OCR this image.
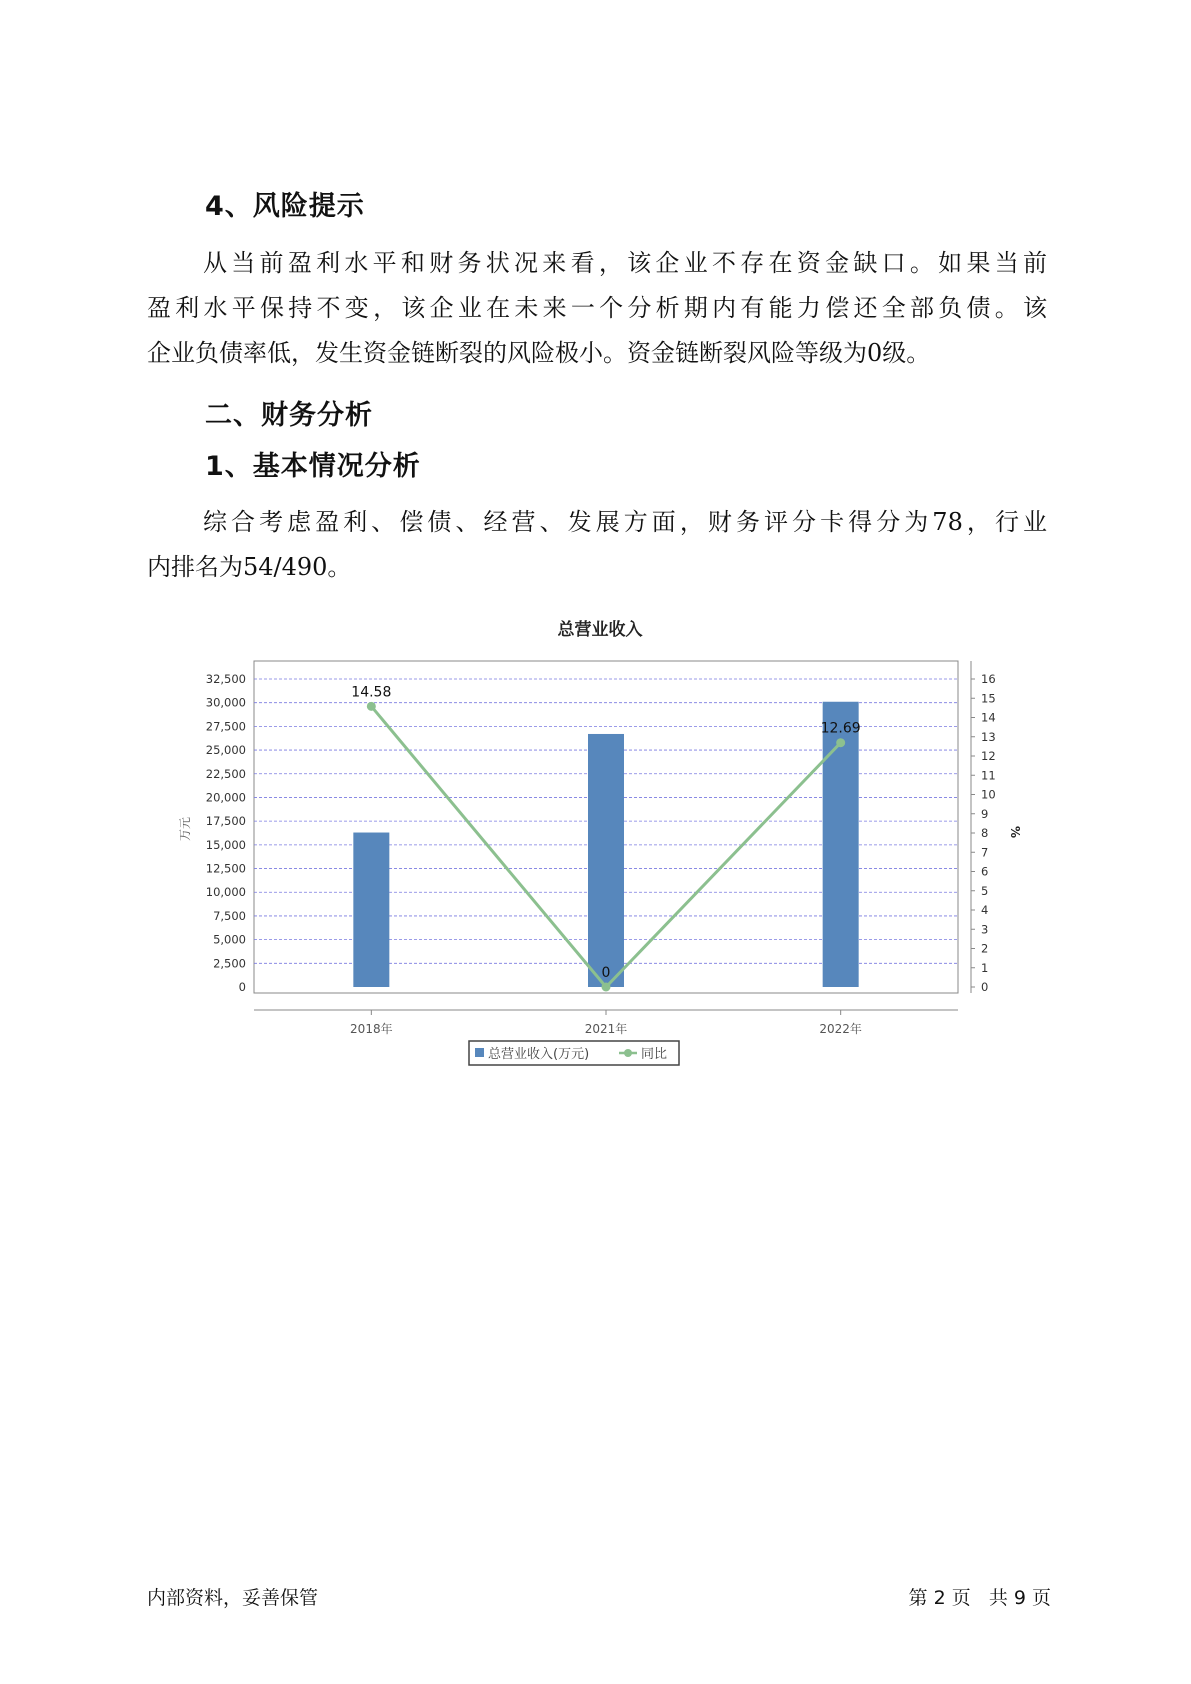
4、风险提示
从当前盈利水平和财务状况来看，该企业不存在资金缺口。如果当前
盈利水平保持不变，该企业在未来一个分析期内有能力偿还全部负债。该
企业负债率低，发生资金链断裂的风险极小。资金链断裂风险等级为0级。
二、财务分析
1、基本情况分析
综合考虑盈利、偿债、经营、发展方面，财务评分卡得分为78，行业
内排名为54/490。
总营业收入
0
2,500
5,000
7,500
10,000
12,500
15,000
17,500
20,000
22,500
25,000
27,500
30,000
32,500
0
1
2
3
4
5
6
7
8
9
10
11
12
13
14
15
16
万元	%
2018年	2021年	2022年
14.58
0
12.69
总营业收入(万元)	同比
内部资料，妥善保管	第 2 页   共 9 页
